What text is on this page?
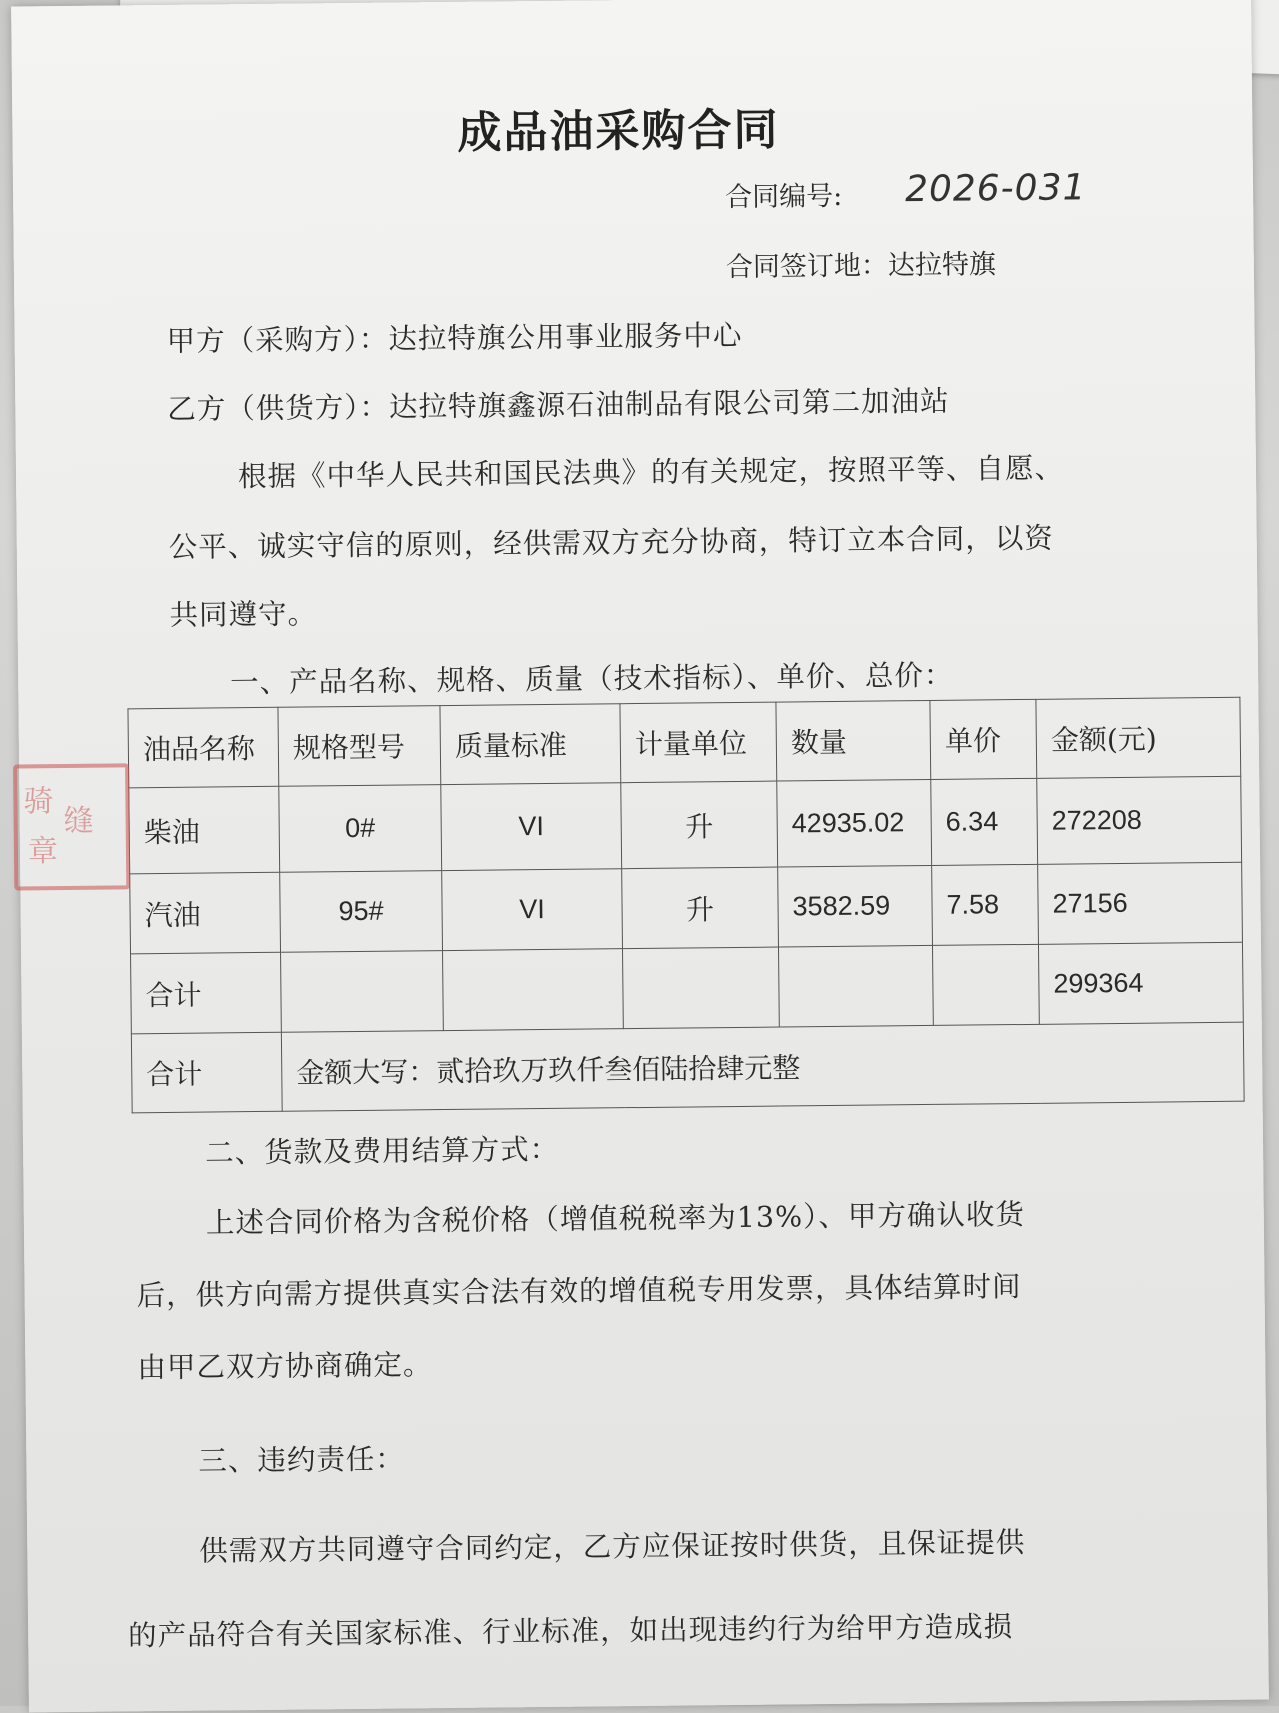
成品油采购合同
合同编号: 2026-031
合同签订地：达拉特旗
甲方（采购方）：达拉特旗公用事业服务中心
乙方（供货方）：达拉特旗鑫源石油制品有限公司第二加油站
根据《中华人民共和国民法典》的有关规定，按照平等、自愿、
公平、诚实守信的原则，经供需双方充分协商，特订立本合同，以资
共同遵守。
一、产品名称、规格、质量（技术指标）、单价、总价：
油品名称	规格型号	质量标准	计量单位	数量	单价	金额(元)
柴油	0#	VI	升	42935.02	6.34	272208
汽油	95#	VI	升	3582.59	7.58	27156
合计						299364
合计	金额大写：贰拾玖万玖仟叁佰陆拾肆元整					
二、货款及费用结算方式：
上述合同价格为含税价格（增值税税率为13%）、甲方确认收货
后，供方向需方提供真实合法有效的增值税专用发票，具体结算时间
由甲乙双方协商确定。
三、违约责任：
供需双方共同遵守合同约定，乙方应保证按时供货，且保证提供
的产品符合有关国家标准、行业标准，如出现违约行为给甲方造成损
骑
缝
章
